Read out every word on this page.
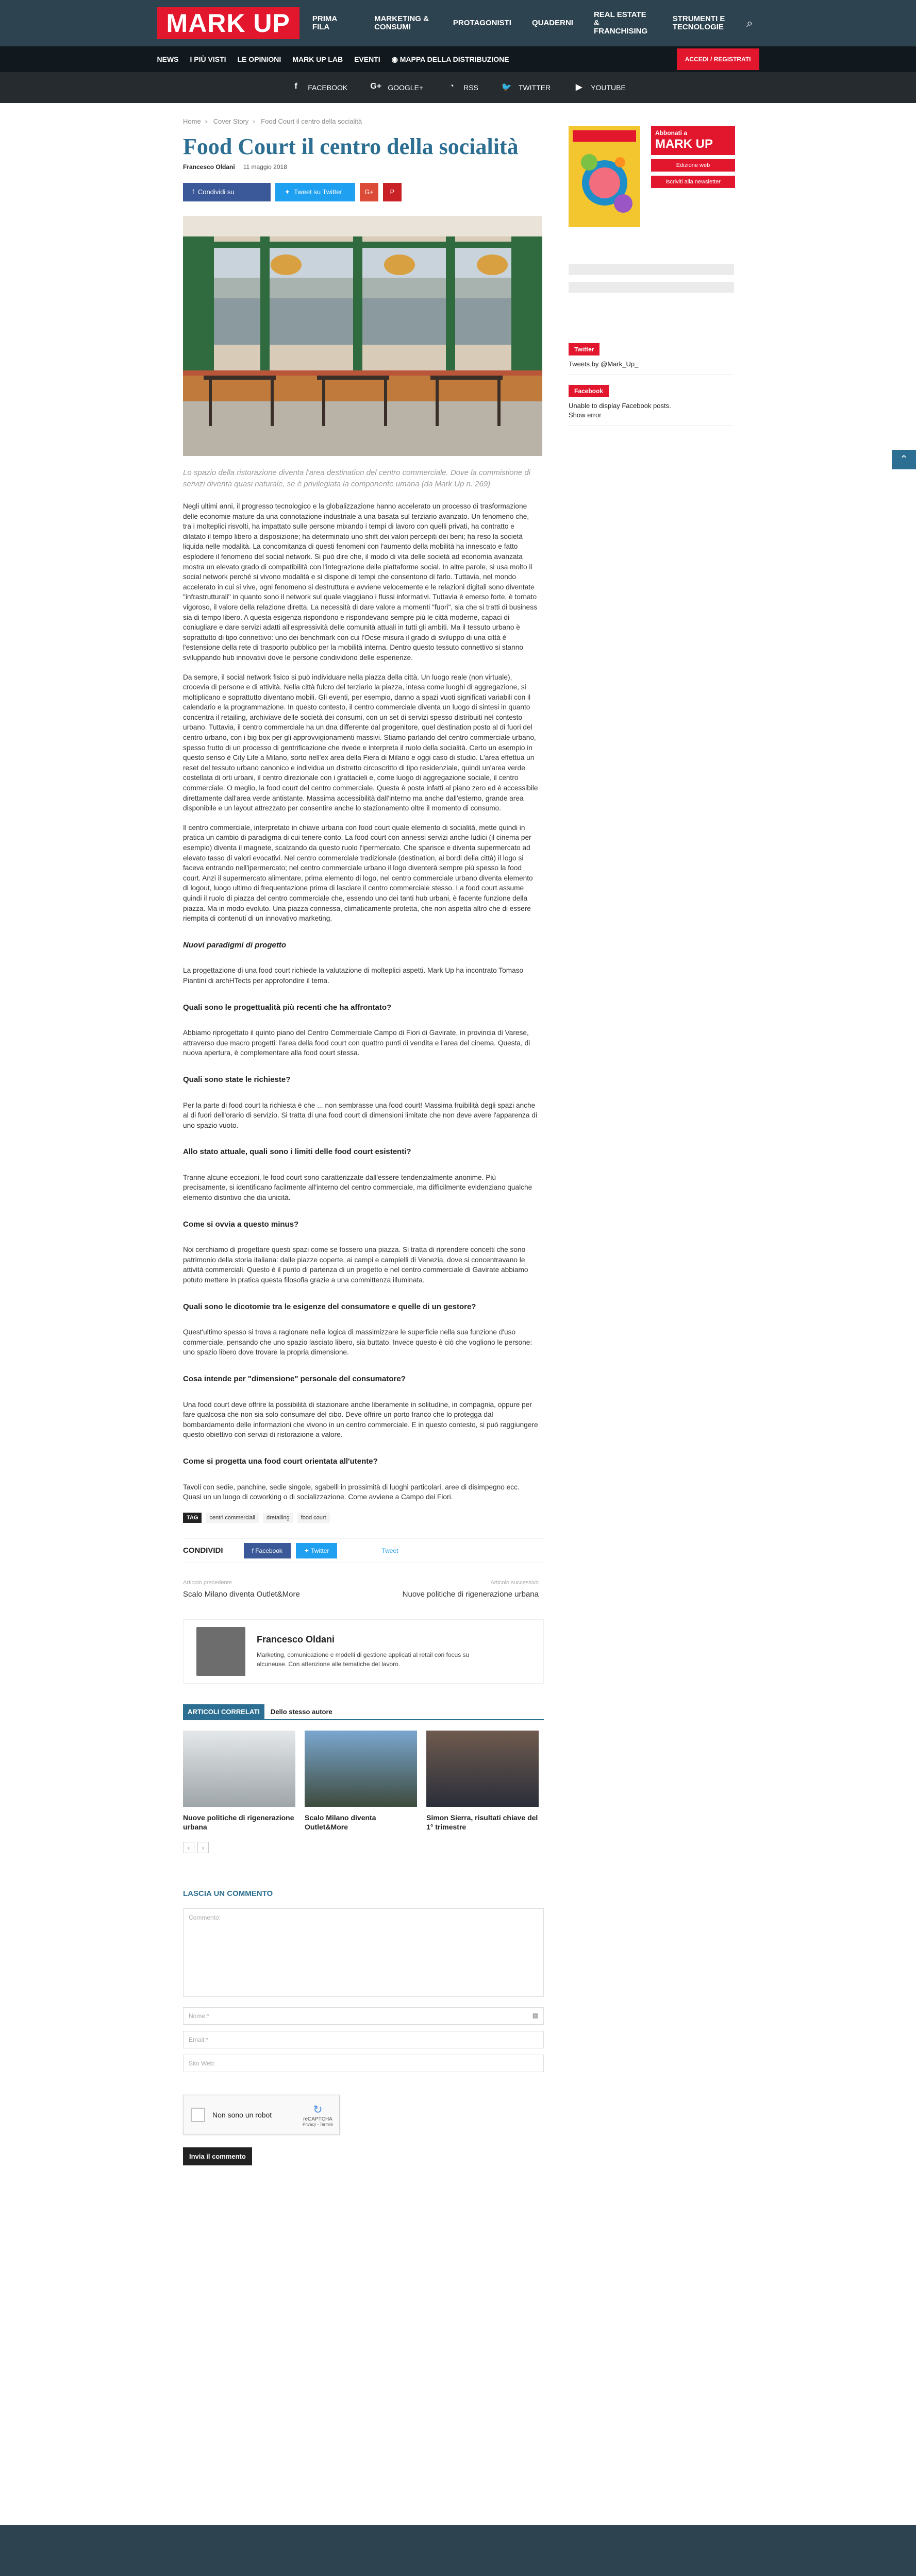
MARK UP	PRIMA FILA
MARKETING & CONSUMI	PROTAGONISTI	QUADERNI
REAL ESTATE & FRANCHISING
STRUMENTI E TECNOLOGIE ⌕
NEWS I PIÙ VISTI LE OPINIONI MARK UP LAB EVENTI ◉ MAPPA DELLA DISTRIBUZIONE	ACCEDI / REGISTRATI
f	FACEBOOK	G+ GOOGLE+	◔	RSS	🐦 TWITTER	▶	YOUTUBE
⌃
Home › Cover Story › Food Court il centro della socialità
Food Court il centro della socialità
Francesco Oldani 11 maggio 2018
f  Condividi su Facebook
✦  Tweet su Twitter	G+	P
Lo spazio della ristorazione diventa l'area destination del centro commerciale. Dove la commistione di servizi diventa quasi naturale, se è privilegiata la componente umana (da Mark Up n. 269)

Negli ultimi anni, il progresso tecnologico e la globalizzazione hanno accelerato un processo di trasformazione delle economie mature da una connotazione industriale a una basata sul terziario avanzato. Un fenomeno che, tra i molteplici risvolti, ha impattato sulle persone mixando i tempi di lavoro con quelli privati, ha contratto e dilatato il tempo libero a disposizione; ha determinato uno shift dei valori percepiti dei beni; ha reso la società liquida nelle modalità. La concomitanza di questi fenomeni con l'aumento della mobilità ha innescato e fatto esplodere il fenomeno del social network. Si può dire che, il modo di vita delle società ad economia avanzata mostra un elevato grado di compatibilità con l'integrazione delle piattaforme social. In altre parole, si usa molto il social network perché si vivono modalità e si dispone di tempi che consentono di farlo. Tuttavia, nel mondo accelerato in cui si vive, ogni fenomeno si destruttura e avviene velocemente e le relazioni digitali sono diventate "infrastrutturali" in quanto sono il network sul quale viaggiano i flussi informativi. Tuttavia è emerso forte, è tornato vigoroso, il valore della relazione diretta. La necessità di dare valore a momenti "fuori", sia che si tratti di business sia di tempo libero. A questa esigenza rispondono e rispondevano sempre più le città moderne, capaci di coniugliare e dare servizi adatti all'espressività delle comunità attuali in tutti gli ambiti. Ma il tessuto urbano è soprattutto di tipo connettivo: uno dei benchmark con cui l'Ocse misura il grado di sviluppo di una città è l'estensione della rete di trasporto pubblico per la mobilità interna. Dentro questo tessuto connettivo si stanno sviluppando hub innovativi dove le persone condividono delle esperienze.

Da sempre, il social network fisico si può individuare nella piazza della città. Un luogo reale (non virtuale), crocevia di persone e di attività. Nella città fulcro del terziario la piazza, intesa come luoghi di aggregazione, si moltiplicano e soprattutto diventano mobili. Gli eventi, per esempio, danno a spazi vuoti significati variabili con il calendario e la programmazione. In questo contesto, il centro commerciale diventa un luogo di sintesi in quanto concentra il retailing, archiviave delle società dei consumi, con un set di servizi spesso distribuiti nel contesto urbano. Tuttavia, il centro commerciale ha un dna differente dal progenitore, quel destination posto al di fuori del centro urbano, con i big box per gli approvvigionamenti massivi. Stiamo parlando del centro commerciale urbano, spesso frutto di un processo di gentrificazione che rivede e interpreta il ruolo della socialità. Certo un esempio in questo senso è City Life a Milano, sorto nell'ex area della Fiera di Milano e oggi caso di studio. L'area effettua un reset del tessuto urbano canonico e individua un distretto circoscritto di tipo residenziale, quindi un'area verde costellata di orti urbani, il centro direzionale con i grattacieli e, come luogo di aggregazione sociale, il centro commerciale. O meglio, la food court del centro commerciale. Questa è posta infatti al piano zero ed è accessibile direttamente dall'area verde antistante. Massima accessibilità dall'interno ma anche dall'esterno, grande area disponibile e un layout attrezzato per consentire anche lo stazionamento oltre il momento di consumo.

Il centro commerciale, interpretato in chiave urbana con food court quale elemento di socialità, mette quindi in pratica un cambio di paradigma di cui tenere conto. La food court con annessi servizi anche ludici (il cinema per esempio) diventa il magnete, scalzando da questo ruolo l'ipermercato. Che sparisce e diventa supermercato ad elevato tasso di valori evocativi. Nel centro commerciale tradizionale (destination, ai bordi della città) il logo si faceva entrando nell'ipermercato; nel centro commerciale urbano il logo diventerà sempre più spesso la food court. Anzi il supermercato alimentare, prima elemento di logo, nel centro commerciale urbano diventa elemento di logout, luogo ultimo di frequentazione prima di lasciare il centro commerciale stesso. La food court assume quindi il ruolo di piazza del centro commerciale che, essendo uno dei tanti hub urbani, è facente funzione della piazza. Ma in modo evoluto. Una piazza connessa, climaticamente protetta, che non aspetta altro che di essere riempita di contenuti di un innovativo marketing.

Nuovi paradigmi di progetto

La progettazione di una food court richiede la valutazione di molteplici aspetti. Mark Up ha incontrato Tomaso Piantini di archHTects per approfondire il tema.

Quali sono le progettualità più recenti che ha affrontato?

Abbiamo riprogettato il quinto piano del Centro Commerciale Campo di Fiori di Gavirate, in provincia di Varese, attraverso due macro progetti: l'area della food court con quattro punti di vendita e l'area del cinema. Questa, di nuova apertura, è complementare alla food court stessa.

Quali sono state le richieste?

Per la parte di food court la richiesta è che ... non sembrasse una food court! Massima fruibilità degli spazi anche al di fuori dell'orario di servizio. Si tratta di una food court di dimensioni limitate che non deve avere l'apparenza di uno spazio vuoto.

Allo stato attuale, quali sono i limiti delle food court esistenti?

Tranne alcune eccezioni, le food court sono caratterizzate dall'essere tendenzialmente anonime. Più precisamente, si identificano facilmente all'interno del centro commerciale, ma difficilmente evidenziano qualche elemento distintivo che dia unicità.

Come si ovvia a questo minus?

Noi cerchiamo di progettare questi spazi come se fossero una piazza. Si tratta di riprendere concetti che sono patrimonio della storia italiana: dalle piazze coperte, ai campi e campielli di Venezia, dove si concentravano le attività commerciali. Questo è il punto di partenza di un progetto e nel centro commerciale di Gavirate abbiamo potuto mettere in pratica questa filosofia grazie a una committenza illuminata.

Quali sono le dicotomie tra le esigenze del consumatore e quelle di un gestore?

Quest'ultimo spesso si trova a ragionare nella logica di massimizzare le superficie nella sua funzione d'uso commerciale, pensando che uno spazio lasciato libero, sia buttato. Invece questo è ciò che vogliono le persone: uno spazio libero dove trovare la propria dimensione.

Cosa intende per "dimensione" personale del consumatore?

Una food court deve offrire la possibilità di stazionare anche liberamente in solitudine, in compagnia, oppure per fare qualcosa che non sia solo consumare del cibo. Deve offrire un porto franco che lo protegga dal bombardamento delle informazioni che vivono in un centro commerciale. E in questo contesto, si può raggiungere questo obiettivo con servizi di ristorazione a valore.

Come si progetta una food court orientata all'utente?

Tavoli con sedie, panchine, sedie singole, sgabelli in prossimità di luoghi particolari, aree di disimpegno ecc. Quasi un un luogo di coworking o di socializzazione. Come avviene a Campo dei Fiori.

TAG	centri commerciali	dretailing	food court
CONDIVIDI	f Facebook	✦ Twitter	Tweet
Articolo precedente
Scalo Milano diventa Outlet&More
Articolo successivo
Nuove politiche di rigenerazione urbana
Francesco Oldani
Marketing, comunicazione e modelli di gestione applicati al retail con focus su alcuneuse. Con attenzione alle tematiche del lavoro.
ARTICOLI CORRELATI	Dello stesso autore
Nuove politiche di rigenerazione urbana
Scalo Milano diventa Outlet&More
Simon Sierra, risultati chiave del 1° trimestre
‹	›
LASCIA UN COMMENTO
Commento:
Nome:*	▦
Email:*
Sito Web:
Non sono un robot	↻
reCAPTCHA
Privacy - Termini
Invia il commento
Abbonati a
MARK UP
Edizione web
Iscriviti alla newsletter
Twitter
Tweets by @Mark_Up_
Facebook
Unable to display Facebook posts.
Show error
